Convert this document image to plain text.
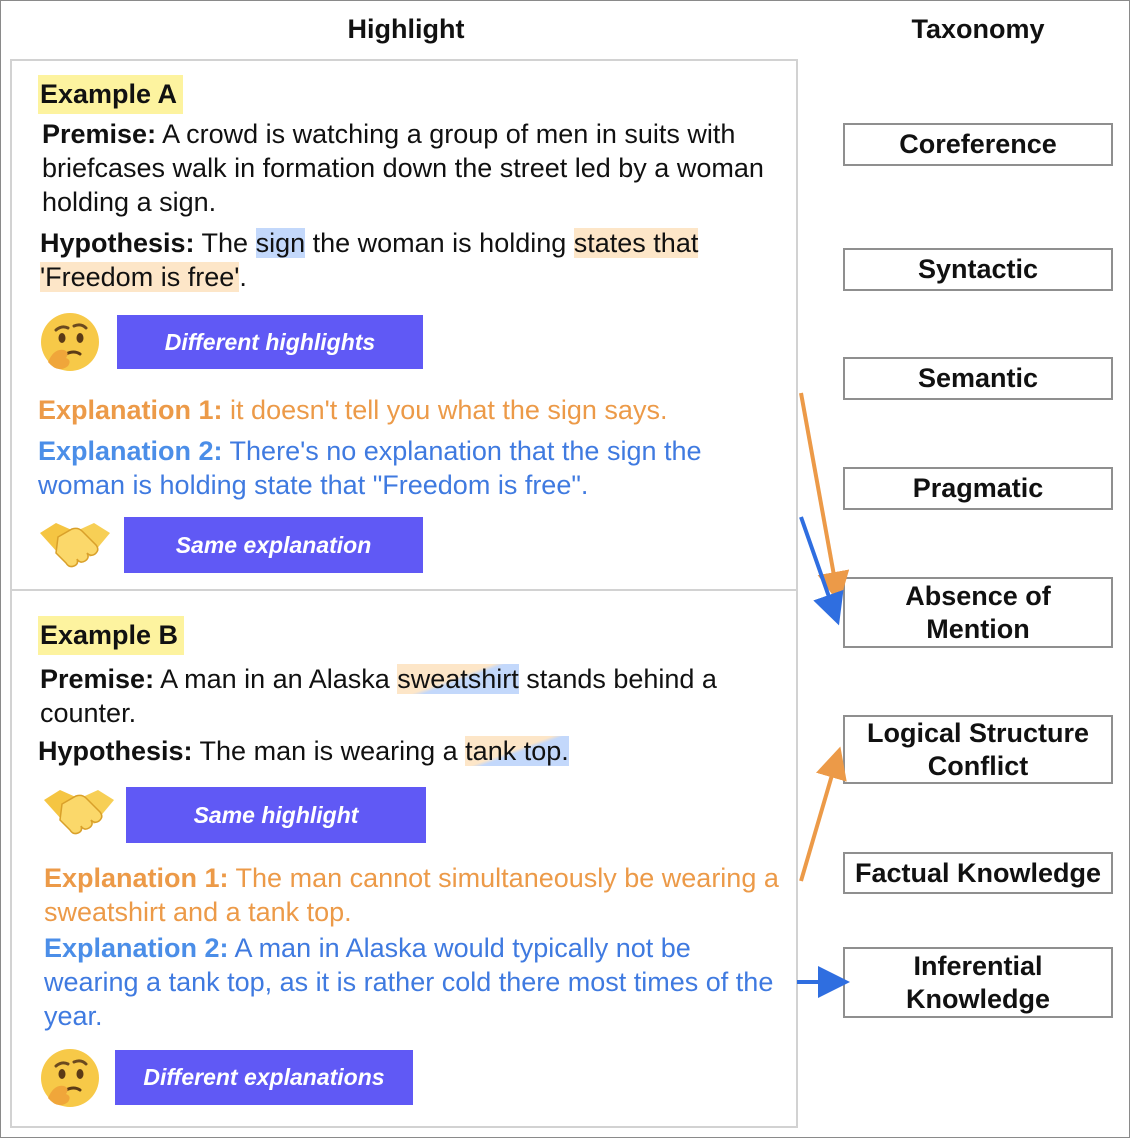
Highlight	Taxonomy
Example A

Premise: A crowd is watching a group of men in suits with briefcases walk in formation down the street led by a woman holding a sign.

Hypothesis: The sign the woman is holding states that 'Freedom is free'.

Different highlights

Explanation 1: it doesn't tell you what the sign says.

Explanation 2: There's no explanation that the sign the woman is holding state that "Freedom is free".

Same explanation
Example B

Premise: A man in an Alaska sweatshirt stands behind a counter.

Hypothesis: The man is wearing a tank top.

Same highlight

Explanation 1: The man cannot simultaneously be wearing a sweatshirt and a tank top.

Explanation 2: A man in Alaska would typically not be wearing a tank top, as it is rather cold there most times of the year.

Different explanations
Coreference
Syntactic
Semantic
Pragmatic
Absence of Mention
Logical Structure Conflict
Factual Knowledge
Inferential Knowledge
